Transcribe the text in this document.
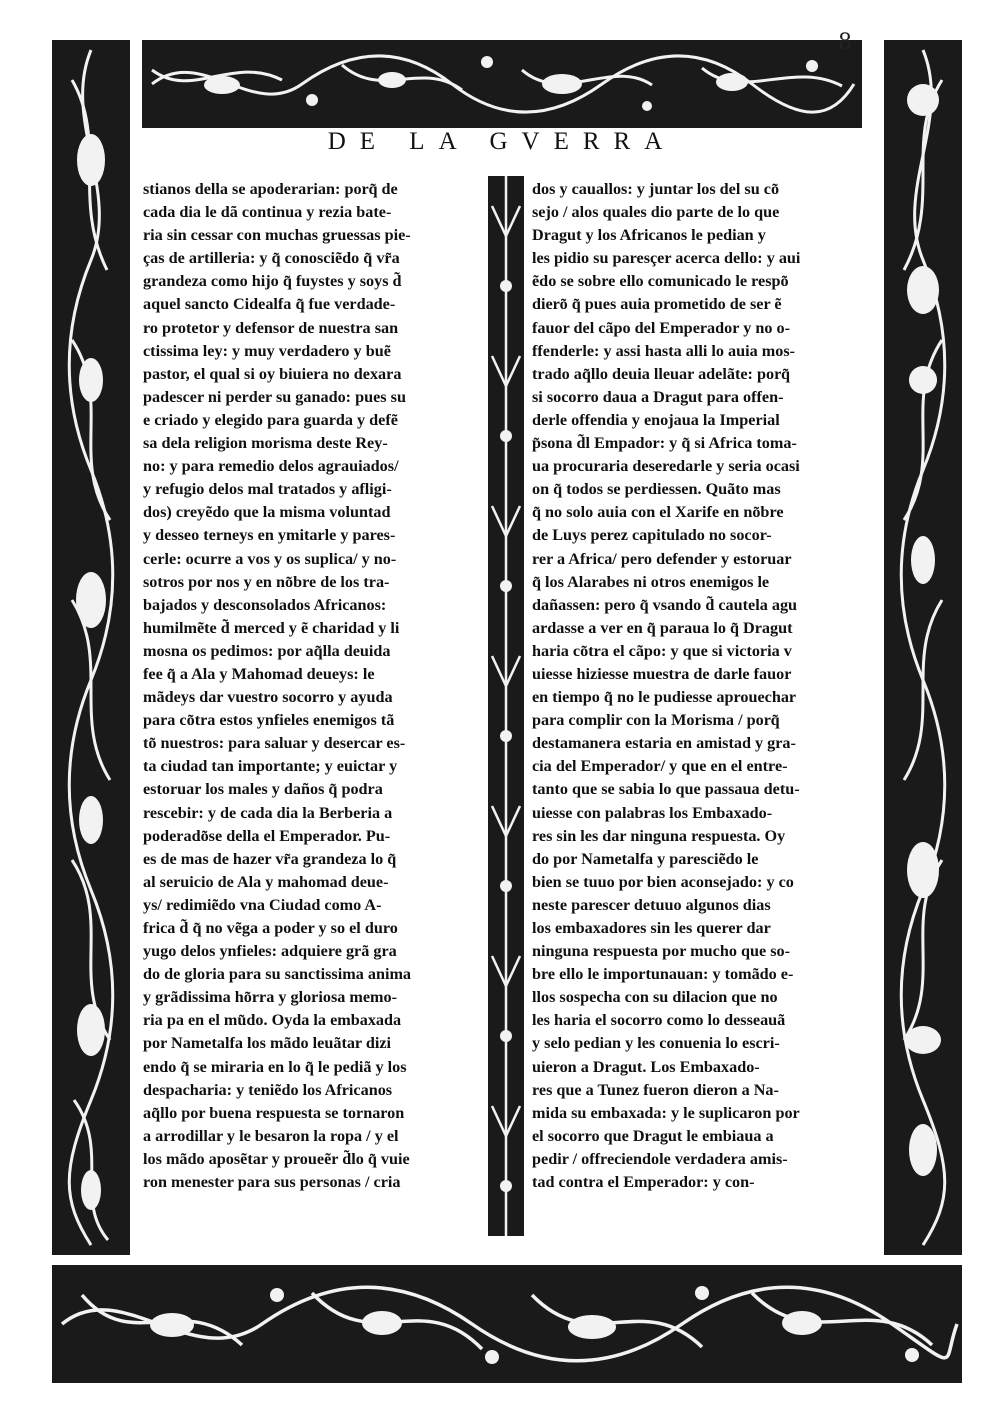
8
DE LA GVERRA
stianos della se apoderarian: porq̃ de
cada dia le dã continua y rezia bate-
ria sin cessar con muchas gruessas pie-
ças de artilleria: y q̃ conoscie͂do q̃ vr̃a
grandeza como hijo q̃ fuystes y soys d̃
aquel sancto Cidealfa q̃ fue verdade-
ro protetor y defensor de nuestra san
ctissima ley: y muy verdadero y bue͂
pastor, el qual si oy biuiera no dexara
padescer ni perder su ganado: pues su
e criado y elegido para guarda y defe͂
sa dela religion morisma deste Rey-
no: y para remedio delos agrauiados/
y refugio delos mal tratados y afligi-
dos) creye͂do que la misma voluntad
y desseo terneys en ymitarle y pares-
cerle: ocurre a vos y os suplica/ y no-
sotros por nos y en no͂bre de los tra-
bajados y desconsolados Africanos:
humilme͂te d̃ merced y e͂ charidad y li
mosna os pedimos: por aq̃lla deuida
fee q̃ a Ala y Mahomad deueys: le
ma͂deys dar vuestro socorro y ayuda
para co͂tra estos ynfieles enemigos ta͂
to͂ nuestros: para saluar y desercar es-
ta ciudad tan importante; y euictar y
estoruar los males y daños q̃ podra
rescebir: y de cada dia la Berberia a
poderado͂se della el Emperador. Pu-
es de mas de hazer vr̃a grandeza lo q̃
al seruicio de Ala y mahomad deue-
ys/ redimie͂do vna Ciudad como A-
frica d̃ q̃ no ve͂ga a poder y so el duro
yugo delos ynfieles: adquiere gra͂ gra
do de gloria para su sanctissima anima
y gra͂dissima ho͂rra y gloriosa memo-
ria pa en el mu͂do. Oyda la embaxada
por Nametalfa los ma͂do leua͂tar dizi
endo q̃ se miraria en lo q̃ le pedia͂ y los
despacharia: y tenie͂do los Africanos
aq̃llo por buena respuesta se tornaron
a arrodillar y le besaron la ropa / y el
los ma͂do apose͂tar y prouee͂r d̃lo q̃ vuie
ron menester para sus personas / cria
dos y cauallos: y juntar los del su co͂
sejo / alos quales dio parte de lo que
Dragut y los Africanos le pedian y
les pidio su paresçer acerca dello: y aui
e͂do se sobre ello comunicado le respo͂
diero͂ q̃ pues auia prometido de ser e͂
fauor del ca͂po del Emperador y no o-
ffenderle: y assi hasta alli lo auia mos-
trado aq̃llo deuia lleuar adela͂te: porq̃
si socorro daua a Dragut para offen-
derle offendia y enojaua la Imperial
p̃sona d̃l Empador: y q̃ si Africa toma-
ua procuraria deseredarle y seria ocasi
on q̃ todos se perdiessen. Qua͂to mas
q̃ no solo auia con el Xarife en no͂bre
de Luys perez capitulado no socor-
rer a Africa/ pero defender y estoruar
q̃ los Alarabes ni otros enemigos le
dañassen: pero q̃ vsando d̃ cautela agu
ardasse a ver en q̃ paraua lo q̃ Dragut
haria co͂tra el ca͂po: y que si victoria v
uiesse hiziesse muestra de darle fauor
en tiempo q̃ no le pudiesse aprouechar
para complir con la Morisma / porq̃
destamanera estaria en amistad y gra-
cia del Emperador/ y que en el entre-
tanto que se sabia lo que passaua detu-
uiesse con palabras los Embaxado-
res sin les dar ninguna respuesta. Oy
do por Nametalfa y parescie͂do le
bien se tuuo por bien aconsejado: y co
neste parescer detuuo algunos dias
los embaxadores sin les querer dar
ninguna respuesta por mucho que so-
bre ello le importunauan: y toma͂do e-
llos sospecha con su dilacion que no
les haria el socorro como lo desseaua͂
y selo pedian y les conuenia lo escri-
uieron a Dragut. Los Embaxado-
res que a Tunez fueron dieron a Na-
mida su embaxada: y le suplicaron por
el socorro que Dragut le embiaua a
pedir / offreciendole verdadera amis-
tad contra el Emperador: y con-
